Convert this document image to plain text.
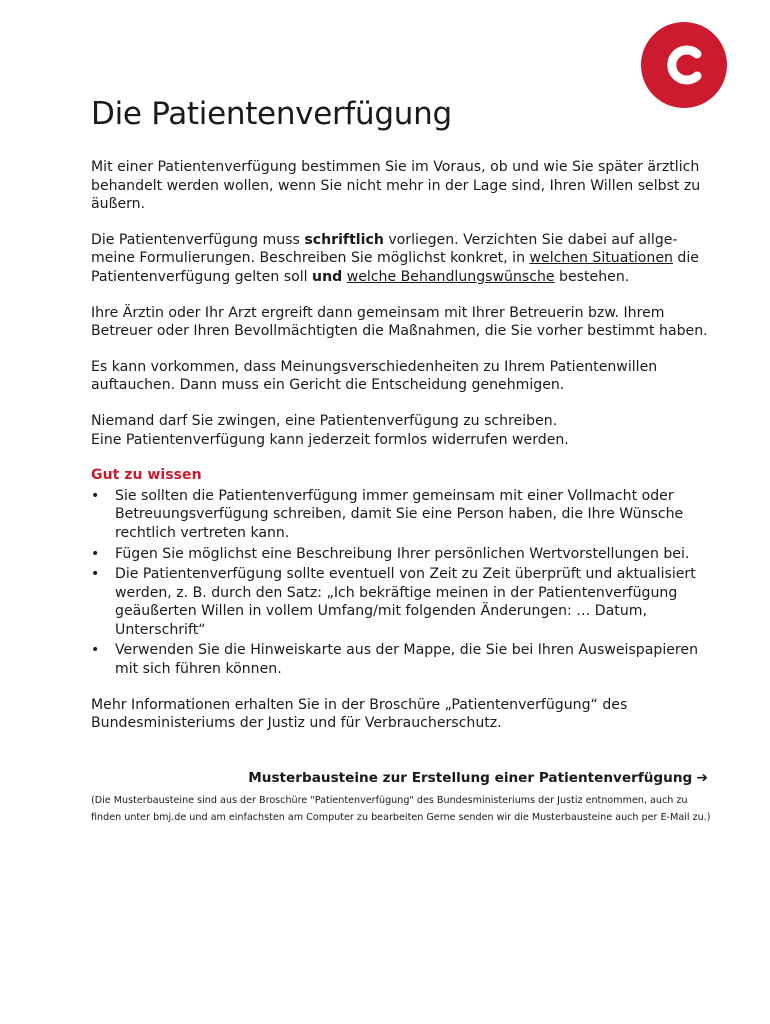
Die Patientenverfügung

Mit einer Patientenverfügung bestimmen Sie im Voraus, ob und wie Sie später ärztlich behandelt werden wollen, wenn Sie nicht mehr in der Lage sind, Ihren Willen selbst zu äußern.

Die Patientenverfügung muss schriftlich vorliegen. Verzichten Sie dabei auf allge-meine Formulierungen. Beschreiben Sie möglichst konkret, in welchen Situationen die Patientenverfügung gelten soll und welche Behandlungswünsche bestehen.

Ihre Ärztin oder Ihr Arzt ergreift dann gemeinsam mit Ihrer Betreuerin bzw. Ihrem Betreuer oder Ihren Bevollmächtigten die Maßnahmen, die Sie vorher bestimmt haben.

Es kann vorkommen, dass Meinungsverschiedenheiten zu Ihrem Patientenwillen auftauchen. Dann muss ein Gericht die Entscheidung genehmigen.

Niemand darf Sie zwingen, eine Patientenverfügung zu schreiben.
Eine Patientenverfügung kann jederzeit formlos widerrufen werden.

Gut zu wissen
• Sie sollten die Patientenverfügung immer gemeinsam mit einer Vollmacht oder Betreuungsverfügung schreiben, damit Sie eine Person haben, die Ihre Wünsche rechtlich vertreten kann.
• Fügen Sie möglichst eine Beschreibung Ihrer persönlichen Wertvorstellungen bei.
• Die Patientenverfügung sollte eventuell von Zeit zu Zeit überprüft und aktualisiert werden, z. B. durch den Satz: „Ich bekräftige meinen in der Patientenverfügung geäußerten Willen in vollem Umfang/mit folgenden Änderungen: … Datum, Unterschrift“
• Verwenden Sie die Hinweiskarte aus der Mappe, die Sie bei Ihren Ausweispapieren mit sich führen können.

Mehr Informationen erhalten Sie in der Broschüre „Patientenverfügung“ des Bundesministeriums der Justiz und für Verbraucherschutz.

Musterbausteine zur Erstellung einer Patientenverfügung ➔

(Die Musterbausteine sind aus der Broschüre "Patientenverfügung" des Bundesministeriums der Justiz entnommen, auch zu finden unter bmj.de und am einfachsten am Computer zu bearbeiten Gerne senden wir die Musterbausteine auch per E-Mail zu.)
